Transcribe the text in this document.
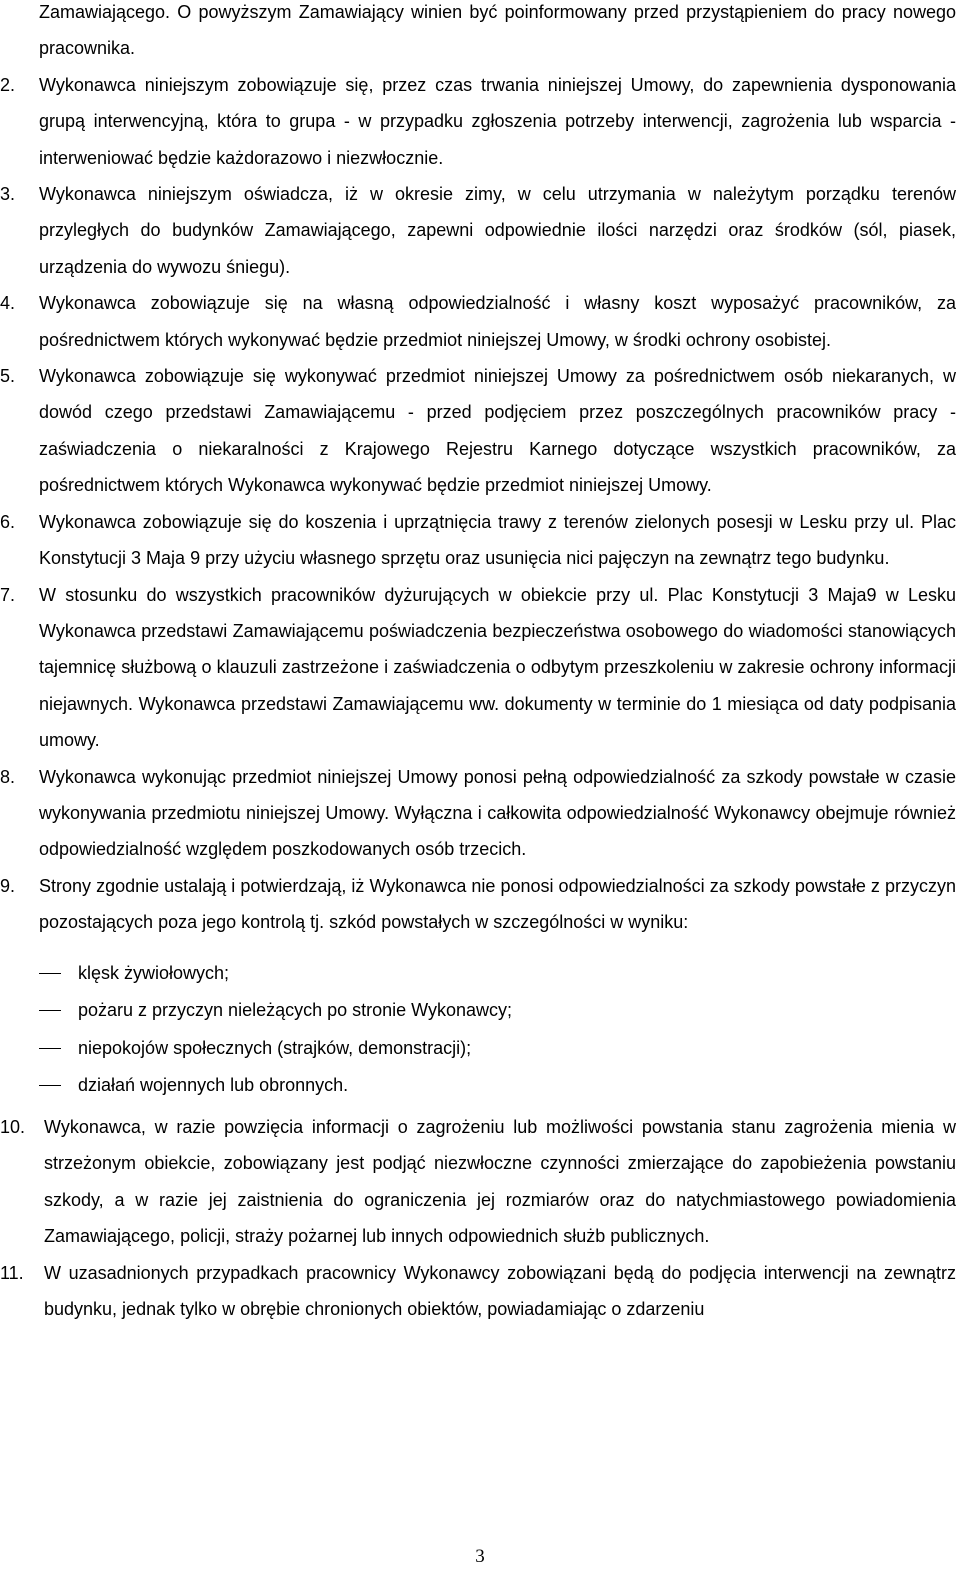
Zamawiającego. O powyższym Zamawiający winien być poinformowany przed przystąpieniem do pracy nowego pracownika.

2. Wykonawca niniejszym zobowiązuje się, przez czas trwania niniejszej Umowy, do zapewnienia dysponowania grupą interwencyjną, która to grupa - w przypadku zgłoszenia potrzeby interwencji, zagrożenia lub wsparcia - interweniować będzie każdorazowo i niezwłocznie.
3. Wykonawca niniejszym oświadcza, iż w okresie zimy, w celu utrzymania w należytym porządku terenów przyległych do budynków Zamawiającego, zapewni odpowiednie ilości narzędzi oraz środków (sól, piasek, urządzenia do wywozu śniegu).
4. Wykonawca zobowiązuje się na własną odpowiedzialność i własny koszt wyposażyć pracowników, za pośrednictwem których wykonywać będzie przedmiot niniejszej Umowy, w środki ochrony osobistej.
5. Wykonawca zobowiązuje się wykonywać przedmiot niniejszej Umowy za pośrednictwem osób niekaranych, w dowód czego przedstawi Zamawiającemu - przed podjęciem przez poszczególnych pracowników pracy - zaświadczenia o niekaralności z Krajowego Rejestru Karnego dotyczące wszystkich pracowników, za pośrednictwem których Wykonawca wykonywać będzie przedmiot niniejszej Umowy.
6. Wykonawca zobowiązuje się do koszenia i uprzątnięcia trawy z terenów zielonych posesji w Lesku przy ul. Plac Konstytucji 3 Maja 9 przy użyciu własnego sprzętu oraz usunięcia nici pajęczyn na zewnątrz tego budynku.
7. W stosunku do wszystkich pracowników dyżurujących w obiekcie przy ul. Plac Konstytucji 3 Maja9 w Lesku Wykonawca przedstawi Zamawiającemu poświadczenia bezpieczeństwa osobowego do wiadomości stanowiących tajemnicę służbową o klauzuli zastrzeżone i zaświadczenia o odbytym przeszkoleniu w zakresie ochrony informacji niejawnych. Wykonawca przedstawi Zamawiającemu ww. dokumenty w terminie do 1 miesiąca od daty podpisania umowy.
8. Wykonawca wykonując przedmiot niniejszej Umowy ponosi pełną odpowiedzialność za szkody powstałe w czasie wykonywania przedmiotu niniejszej Umowy. Wyłączna i całkowita odpowiedzialność Wykonawcy obejmuje również odpowiedzialność względem poszkodowanych osób trzecich.
9. Strony zgodnie ustalają i potwierdzają, iż Wykonawca nie ponosi odpowiedzialności za szkody powstałe z przyczyn pozostających poza jego kontrolą tj. szkód powstałych w szczególności w wyniku:
klęsk żywiołowych;
pożaru z przyczyn nieleżących po stronie Wykonawcy;
niepokojów społecznych (strajków, demonstracji);
działań wojennych lub obronnych.
10. Wykonawca, w razie powzięcia informacji o zagrożeniu lub możliwości powstania stanu zagrożenia mienia w strzeżonym obiekcie, zobowiązany jest podjąć niezwłoczne czynności zmierzające do zapobieżenia powstaniu szkody, a w razie jej zaistnienia do ograniczenia jej rozmiarów oraz do natychmiastowego powiadomienia Zamawiającego, policji, straży pożarnej lub innych odpowiednich służb publicznych.
11. W uzasadnionych przypadkach pracownicy Wykonawcy zobowiązani będą do podjęcia interwencji na zewnątrz budynku, jednak tylko w obrębie chronionych obiektów, powiadamiając o zdarzeniu
3
